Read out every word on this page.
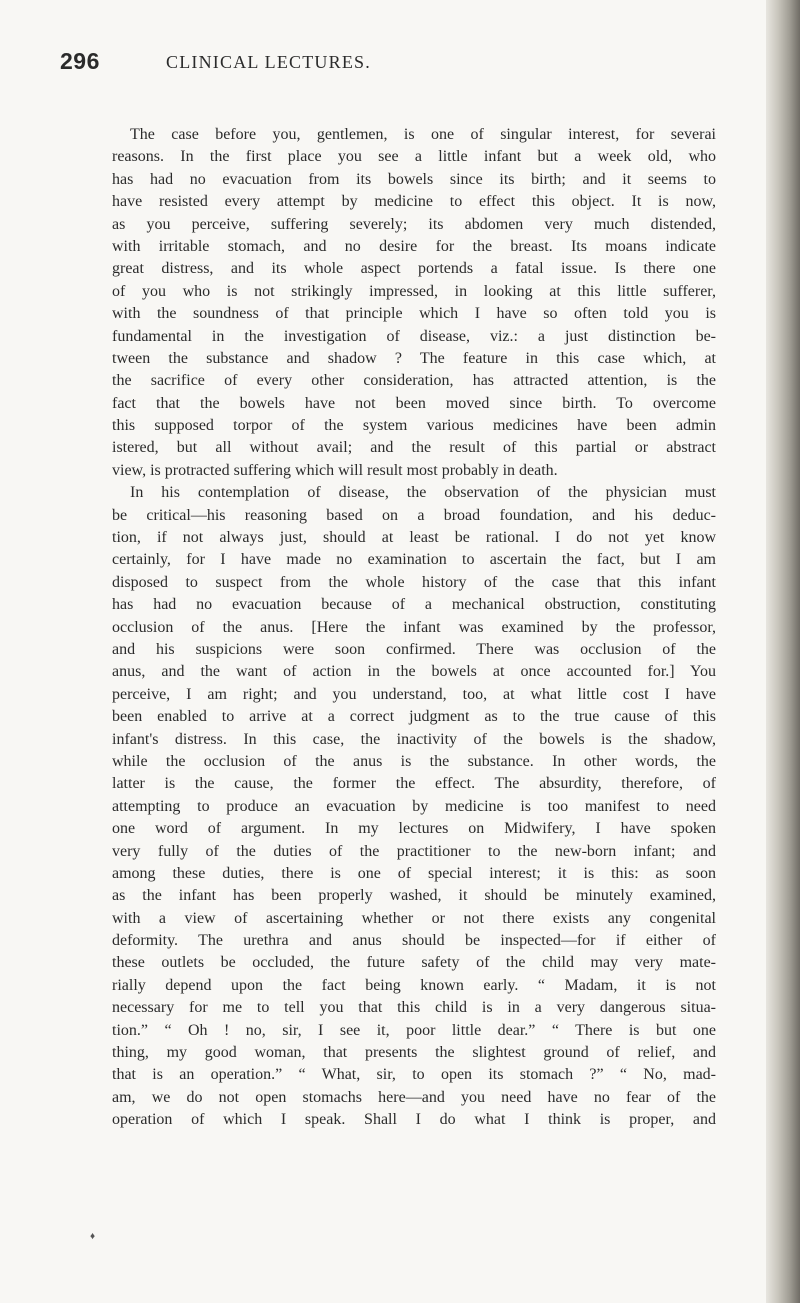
296	CLINICAL LECTURES.
The case before you, gentlemen, is one of singular interest, for severai
reasons. In the first place you see a little infant but a week old, who
has had no evacuation from its bowels since its birth; and it seems to
have resisted every attempt by medicine to effect this object. It is now,
as you perceive, suffering severely; its abdomen very much distended,
with irritable stomach, and no desire for the breast. Its moans indicate
great distress, and its whole aspect portends a fatal issue. Is there one
of you who is not strikingly impressed, in looking at this little sufferer,
with the soundness of that principle which I have so often told you is
fundamental in the investigation of disease, viz.: a just distinction be-
tween the substance and shadow ? The feature in this case which, at
the sacrifice of every other consideration, has attracted attention, is the
fact that the bowels have not been moved since birth. To overcome
this supposed torpor of the system various medicines have been admin
istered, but all without avail; and the result of this partial or abstract
view, is protracted suffering which will result most probably in death.
In his contemplation of disease, the observation of the physician must
be critical—his reasoning based on a broad foundation, and his deduc-
tion, if not always just, should at least be rational. I do not yet know
certainly, for I have made no examination to ascertain the fact, but I am
disposed to suspect from the whole history of the case that this infant
has had no evacuation because of a mechanical obstruction, constituting
occlusion of the anus. [Here the infant was examined by the professor,
and his suspicions were soon confirmed. There was occlusion of the
anus, and the want of action in the bowels at once accounted for.] You
perceive, I am right; and you understand, too, at what little cost I have
been enabled to arrive at a correct judgment as to the true cause of this
infant's distress. In this case, the inactivity of the bowels is the shadow,
while the occlusion of the anus is the substance. In other words, the
latter is the cause, the former the effect. The absurdity, therefore, of
attempting to produce an evacuation by medicine is too manifest to need
one word of argument. In my lectures on Midwifery, I have spoken
very fully of the duties of the practitioner to the new-born infant; and
among these duties, there is one of special interest; it is this: as soon
as the infant has been properly washed, it should be minutely examined,
with a view of ascertaining whether or not there exists any congenital
deformity. The urethra and anus should be inspected—for if either of
these outlets be occluded, the future safety of the child may very mate-
rially depend upon the fact being known early. “ Madam, it is not
necessary for me to tell you that this child is in a very dangerous situa-
tion.” “ Oh ! no, sir, I see it, poor little dear.” “ There is but one
thing, my good woman, that presents the slightest ground of relief, and
that is an operation.” “ What, sir, to open its stomach ?” “ No, mad-
am, we do not open stomachs here—and you need have no fear of the
operation of which I speak. Shall I do what I think is proper, and
♦
